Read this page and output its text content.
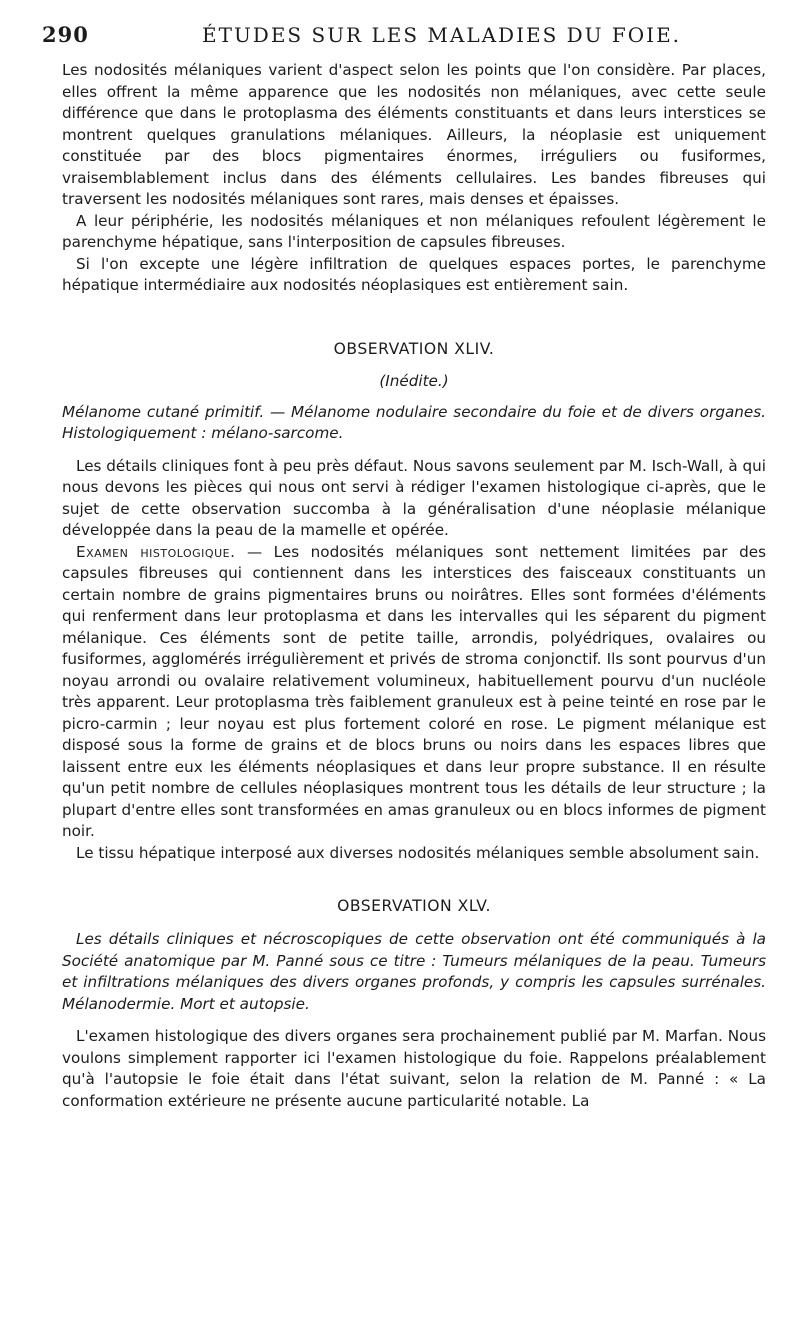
290	ÉTUDES SUR LES MALADIES DU FOIE.

Les nodosités mélaniques varient d'aspect selon les points que l'on considère. Par places, elles offrent la même apparence que les nodosités non mélaniques, avec cette seule différence que dans le protoplasma des éléments constituants et dans leurs interstices se montrent quelques granulations mélaniques. Ailleurs, la néoplasie est uniquement constituée par des blocs pigmentaires énormes, irréguliers ou fusiformes, vraisemblablement inclus dans des éléments cellulaires. Les bandes fibreuses qui traversent les nodosités mélaniques sont rares, mais denses et épaisses.

A leur périphérie, les nodosités mélaniques et non mélaniques refoulent légèrement le parenchyme hépatique, sans l'interposition de capsules fibreuses.

Si l'on excepte une légère infiltration de quelques espaces portes, le parenchyme hépatique intermédiaire aux nodosités néoplasiques est entièrement sain.

OBSERVATION XLIV.

(Inédite.)

Mélanome cutané primitif. — Mélanome nodulaire secondaire du foie et de divers organes. Histologiquement : mélano-sarcome.

Les détails cliniques font à peu près défaut. Nous savons seulement par M. Isch-Wall, à qui nous devons les pièces qui nous ont servi à rédiger l'examen histologique ci-après, que le sujet de cette observation succomba à la généralisation d'une néoplasie mélanique développée dans la peau de la mamelle et opérée.

Examen histologique. — Les nodosités mélaniques sont nettement limitées par des capsules fibreuses qui contiennent dans les interstices des faisceaux constituants un certain nombre de grains pigmentaires bruns ou noirâtres. Elles sont formées d'éléments qui renferment dans leur protoplasma et dans les intervalles qui les séparent du pigment mélanique. Ces éléments sont de petite taille, arrondis, polyédriques, ovalaires ou fusiformes, agglomérés irrégulièrement et privés de stroma conjonctif. Ils sont pourvus d'un noyau arrondi ou ovalaire relativement volumineux, habituellement pourvu d'un nucléole très apparent. Leur protoplasma très faiblement granuleux est à peine teinté en rose par le picro-carmin ; leur noyau est plus fortement coloré en rose. Le pigment mélanique est disposé sous la forme de grains et de blocs bruns ou noirs dans les espaces libres que laissent entre eux les éléments néoplasiques et dans leur propre substance. Il en résulte qu'un petit nombre de cellules néoplasiques montrent tous les détails de leur structure ; la plupart d'entre elles sont transformées en amas granuleux ou en blocs informes de pigment noir.

Le tissu hépatique interposé aux diverses nodosités mélaniques semble absolument sain.

OBSERVATION XLV.

Les détails cliniques et nécroscopiques de cette observation ont été communiqués à la Société anatomique par M. Panné sous ce titre : Tumeurs mélaniques de la peau. Tumeurs et infiltrations mélaniques des divers organes profonds, y compris les capsules surrénales. Mélanodermie. Mort et autopsie.

L'examen histologique des divers organes sera prochainement publié par M. Marfan. Nous voulons simplement rapporter ici l'examen histologique du foie. Rappelons préalablement qu'à l'autopsie le foie était dans l'état suivant, selon la relation de M. Panné : « La conformation extérieure ne présente aucune particularité notable. La
